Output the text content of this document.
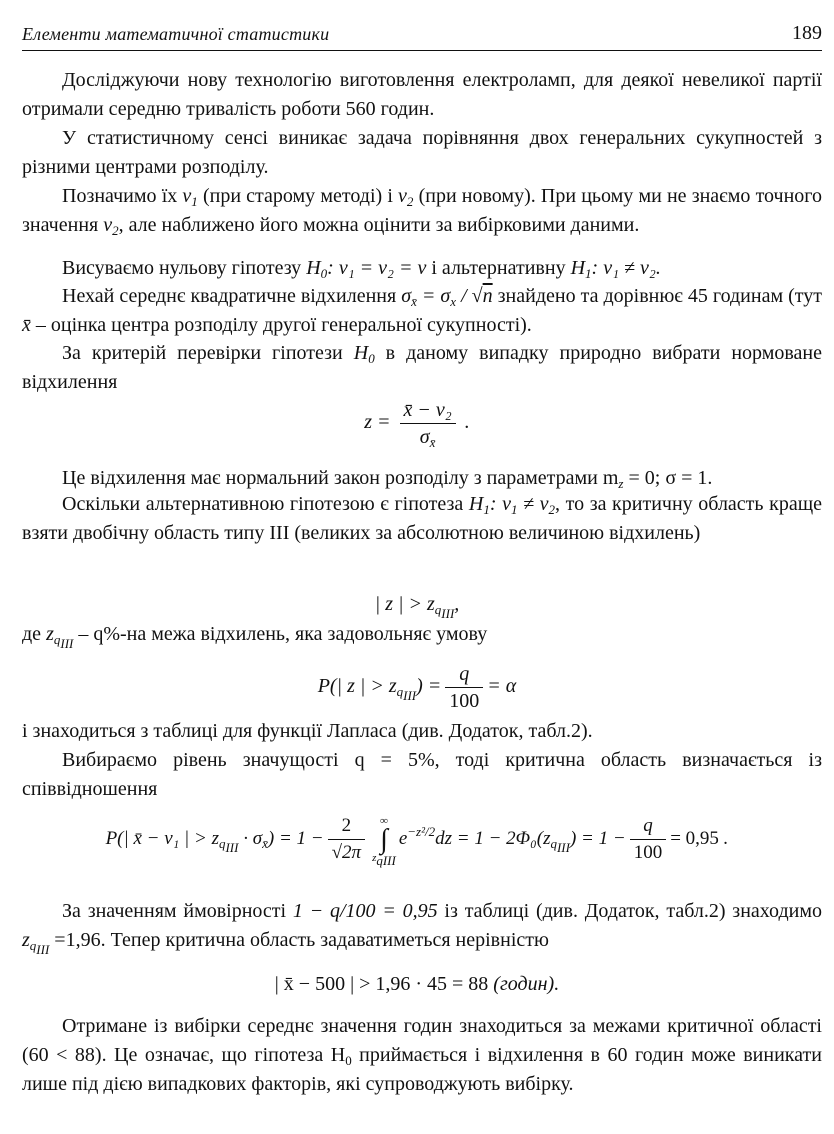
Елементи математичної статистики	189
Досліджуючи нову технологію виготовлення електроламп, для деякої невеликої партії отримали середню тривалість роботи 560 годин.
У статистичному сенсі виникає задача порівняння двох генеральних сукупностей з різними центрами розподілу.
Позначимо їх $\nu_1$ (при старому методі) і $\nu_2$ (при новому). При цьому ми не знаємо точного значення $\nu_2$, але наближено його можна оцінити за вибірковими даними.
Висуваємо нульову гіпотезу $H_0$: ν₁ = ν₂ = ν і альтернативну $H_1$: ν₁ ≠ ν₂.
Нехай середнє квадратичне відхилення $\sigma_{x̄} = \sigma_x / √n$ знайдено та дорівнює 45 годинам (тут x̄ – оцінка центра розподілу другої генеральної сукупності).
За критерій перевірки гіпотези $H_0$ в даному випадку природно вибрати нормоване відхилення
$z = \frac{\text{x̄ − ν₂}}{\sigma_{x̄}}$ .
Це відхилення має нормальний закон розподілу з параметрами $m_z = 0$; σ = 1.
Оскільки альтернативною гіпотезою є гіпотеза $H_1$: $\nu_1 \ne \nu_2$, то за критичну область краще взяти двобічну область типу III (великих за абсолютною величиною відхилень)
| z | > $z_{q_{III}}$,
де $z_{q_{III}} - q\%-на$ межа відхилень, яка задовольняє умову
P(| z | > $z_{q_{III}}) = \frac{q}{100} = \alpha$
і знаходиться з таблиці для функції Лапласа (див. Додаток, табл.2).
Вибираємо рівень значущості q = 5%, тоді критична область визначається із співвідношення
P(| x̄ − ν₁ | > $z_{q_{III}} \cdot \sigma_{x̄}) = 1 - \frac{2}{√2\pi}$	∞
∫
$z_{qIII}$
$e^{-z^2/2}dz = 1 - 2\Phi_0(z_{q_{III}}) = 1 - \frac{q}{100} = 0,95$ .
За значенням ймовірності 1 − q/100 = 0,95 із таблиці (див. Додаток, табл.2) знаходимо $z_{q_{III}} =1,96$. Тепер критична область задаватиметься нерівністю
| x̄ − 500 | > 1,96 · 45 = 88 (годин).
Отримане із вибірки середнє значення годин знаходиться за межами критичної області (60 < 88). Це означає, що гіпотеза $H_0$ приймається і відхилення в 60 годин може виникати лише під дією випадкових факторів, які супроводжують вибірку.
